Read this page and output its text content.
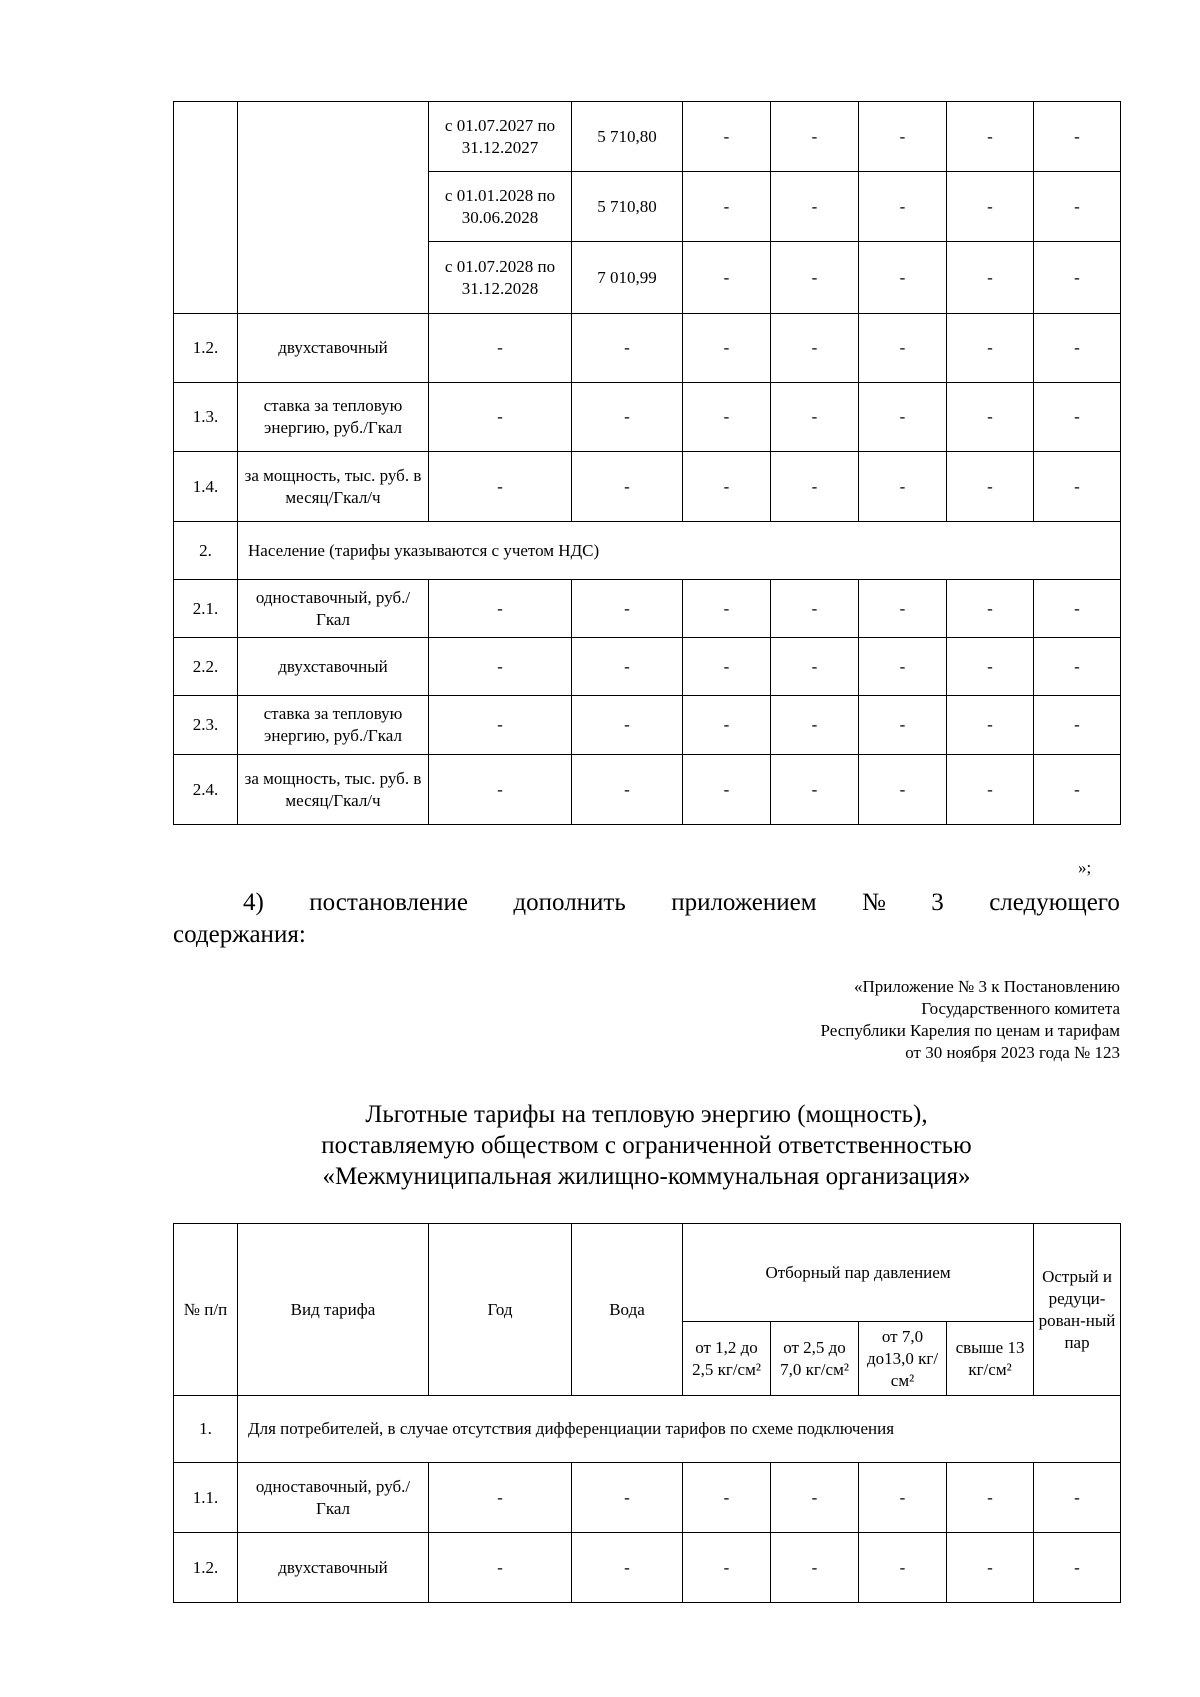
		с 01.07.2027 по 31.12.2027	5 710,80	-	-	-	-	-
		с 01.01.2028 по 30.06.2028	5 710,80	-	-	-	-	-
		с 01.07.2028 по 31.12.2028	7 010,99	-	-	-	-	-
1.2.	двухставочный	-	-	-	-	-	-	-
1.3.	ставка за тепловую энергию, руб./Гкал	-	-	-	-	-	-	-
1.4.	за мощность, тыс. руб. в месяц/Гкал/ч	-	-	-	-	-	-	-
2.	Население (тарифы указываются с учетом НДС)							
2.1.	одноставочный, руб./Гкал	-	-	-	-	-	-	-
2.2.	двухставочный	-	-	-	-	-	-	-
2.3.	ставка за тепловую энергию, руб./Гкал	-	-	-	-	-	-	-
2.4.	за мощность, тыс. руб. в месяц/Гкал/ч	-	-	-	-	-	-	-
»;
4) постановление дополнить приложением № 3 следующего
содержания:
«Приложение № 3 к Постановлению
Государственного комитета
Республики Карелия по ценам и тарифам
от 30 ноября 2023 года № 123
Льготные тарифы на тепловую энергию (мощность),
поставляемую обществом с ограниченной ответственностью
«Межмуниципальная жилищно-коммунальная организация»
№ п/п	Вид тарифа	Год	Вода	Отборный пар давлением				Острый и редуци-рован-ный пар
				от 1,2 до 2,5 кг/см²	от 2,5 до 7,0 кг/см²	от 7,0 до13,0 кг/см²	свыше 13 кг/см²	
1.	Для потребителей, в случае отсутствия дифференциации тарифов по схеме подключения							
1.1.	одноставочный, руб./Гкал	-	-	-	-	-	-	-
1.2.	двухставочный	-	-	-	-	-	-	-
